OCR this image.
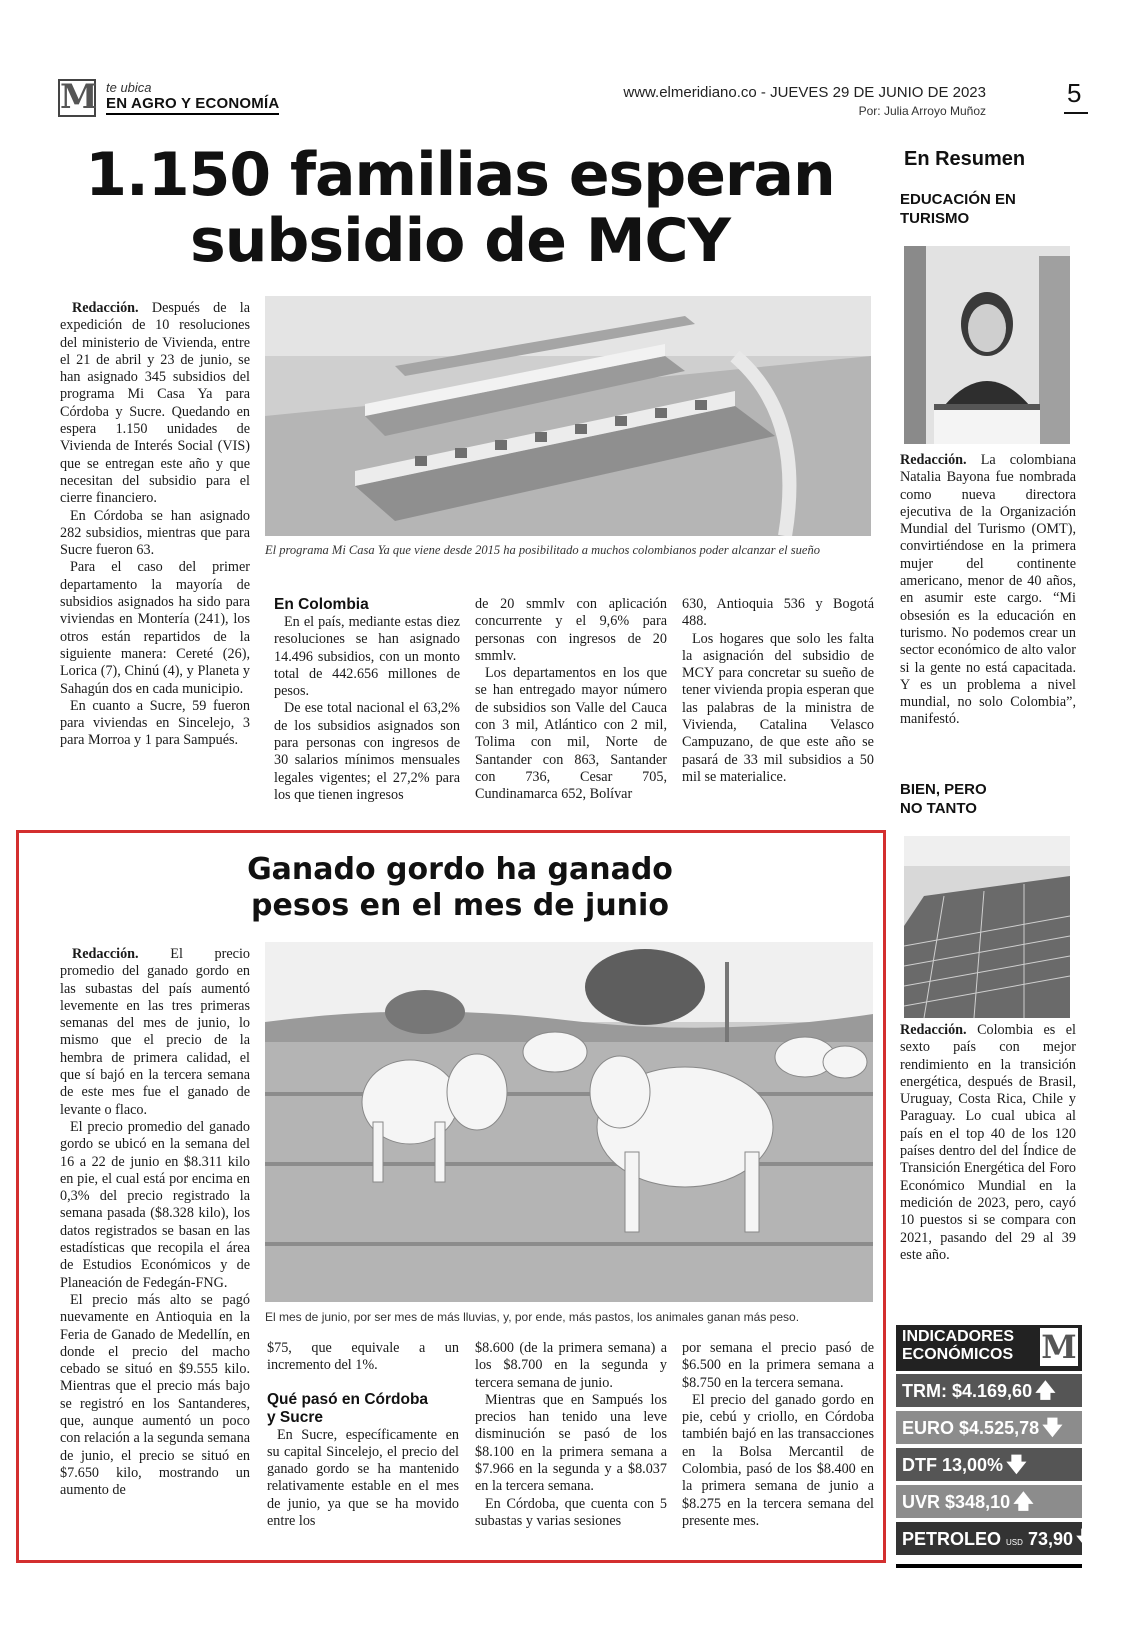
M te ubica
EN AGRO Y ECONOMÍA
www.elmeridiano.co - JUEVES 29 DE JUNIO DE 2023
Por: Julia Arroyo Muñoz
5
1.150 familias esperan
subsidio de MCY

Redacción. Después de la expedición de 10 resoluciones del ministerio de Vivienda, entre el 21 de abril y 23 de junio, se han asignado 345 subsidios del programa Mi Casa Ya para Córdoba y Sucre. Quedando en espera 1.150 unidades de Vivienda de Interés Social (VIS) que se entregan este año y que necesitan del subsidio para el cierre financiero.

En Córdoba se han asignado 282 subsidios, mientras que para Sucre fueron 63.

Para el caso del primer departamento la mayoría de subsidios asignados ha sido para viviendas en Montería (241), los otros están repartidos de la siguiente manera: Cereté (26), Lorica (7), Chinú (4), y Planeta y Sahagún dos en cada municipio.

En cuanto a Sucre, 59 fueron para viviendas en Sincelejo, 3 para Morroa y 1 para Sampués.

El programa Mi Casa Ya que viene desde 2015 ha posibilitado a muchos colombianos poder alcanzar el sueño
En Colombia

En el país, mediante estas diez resoluciones se han asignado 14.496 subsidios, con un monto total de 442.656 millones de pesos.

De ese total nacional el 63,2% de los subsidios asignados son para personas con ingresos de 30 salarios mínimos mensuales legales vigentes; el 27,2% para los que tienen ingresos

de 20 smmlv con aplicación concurrente y el 9,6% para personas con ingresos de 20 smmlv.

Los departamentos en los que se han entregado mayor número de subsidios son Valle del Cauca con 3 mil, Atlántico con 2 mil, Tolima con mil, Norte de Santander con 863, Santander con 736, Cesar 705, Cundinamarca 652, Bolívar

630, Antioquia 536 y Bogotá 488.

Los hogares que solo les falta la asignación del subsidio de MCY para concretar su sueño de tener vivienda propia esperan que las palabras de la ministra de Vivienda, Catalina Velasco Campuzano, de que este año se pasará de 33 mil subsidios a 50 mil se materialice.

En Resumen
EDUCACIÓN EN
TURISMO

Redacción. La colombiana Natalia Bayona fue nombrada como nueva directora ejecutiva de la Organización Mundial del Turismo (OMT), convirtiéndose en la primera mujer del continente americano, menor de 40 años, en asumir este cargo. “Mi obsesión es la educación en turismo. No podemos crear un sector económico de alto valor si la gente no está capacitada. Y es un problema a nivel mundial, no solo Colombia”, manifestó.

BIEN, PERO
NO TANTO

Redacción. Colombia es el sexto país con mejor rendimiento en la transición energética, después de Brasil, Uruguay, Costa Rica, Chile y Paraguay. Lo cual ubica al país en el top 40 de los 120 países dentro del del Índice de Transición Energética del Foro Económico Mundial en la medición de 2023, pero, cayó 10 puestos si se compara con 2021, pasando del 29 al 39 este año.

Ganado gordo ha ganado
pesos en el mes de junio

Redacción. El precio promedio del ganado gordo en las subastas del país aumentó levemente en las tres primeras semanas del mes de junio, lo mismo que el precio de la hembra de primera calidad, el que sí bajó en la tercera semana de este mes fue el ganado de levante o flaco.

El precio promedio del ganado gordo se ubicó en la semana del 16 a 22 de junio en $8.311 kilo en pie, el cual está por encima en 0,3% del precio registrado la semana pasada ($8.328 kilo), los datos registrados se basan en las estadísticas que recopila el área de Estudios Económicos y de Planeación de Fedegán-FNG.

El precio más alto se pagó nuevamente en Antioquia en la Feria de Ganado de Medellín, en donde el precio del macho cebado se situó en $9.555 kilo. Mientras que el precio más bajo se registró en los Santanderes, que, aunque aumentó un poco con relación a la segunda semana de junio, el precio se situó en $7.650 kilo, mostrando un aumento de

El mes de junio, por ser mes de más lluvias, y, por ende, más pastos, los animales ganan más peso.

$75, que equivale a un incremento del 1%.

Qué pasó en Córdoba
y Sucre

En Sucre, específicamente en su capital Sincelejo, el precio del ganado gordo se ha mantenido relativamente estable en el mes de junio, ya que se ha movido entre los

$8.600 (de la primera semana) a los $8.700 en la segunda y tercera semana de junio.

Mientras que en Sampués los precios han tenido una leve disminución se pasó de los $8.100 en la primera semana a $7.966 en la segunda y a $8.037 en la tercera semana.

En Córdoba, que cuenta con 5 subastas y varias sesiones

por semana el precio pasó de $6.500 en la primera semana a $8.750 en la tercera semana.

El precio del ganado gordo en pie, cebú y criollo, en Córdoba también bajó en las transacciones en la Bolsa Mercantil de Colombia, pasó de los $8.400 en la primera semana de junio a $8.275 en la tercera semana del presente mes.

INDICADORES
ECONÓMICOS M
TRM: $4.169,60 🡅
EURO $4.525,78 🡇
DTF 13,00% 🡇
UVR $348,10 🡅
PETROLEO USD 73,90 🡇
